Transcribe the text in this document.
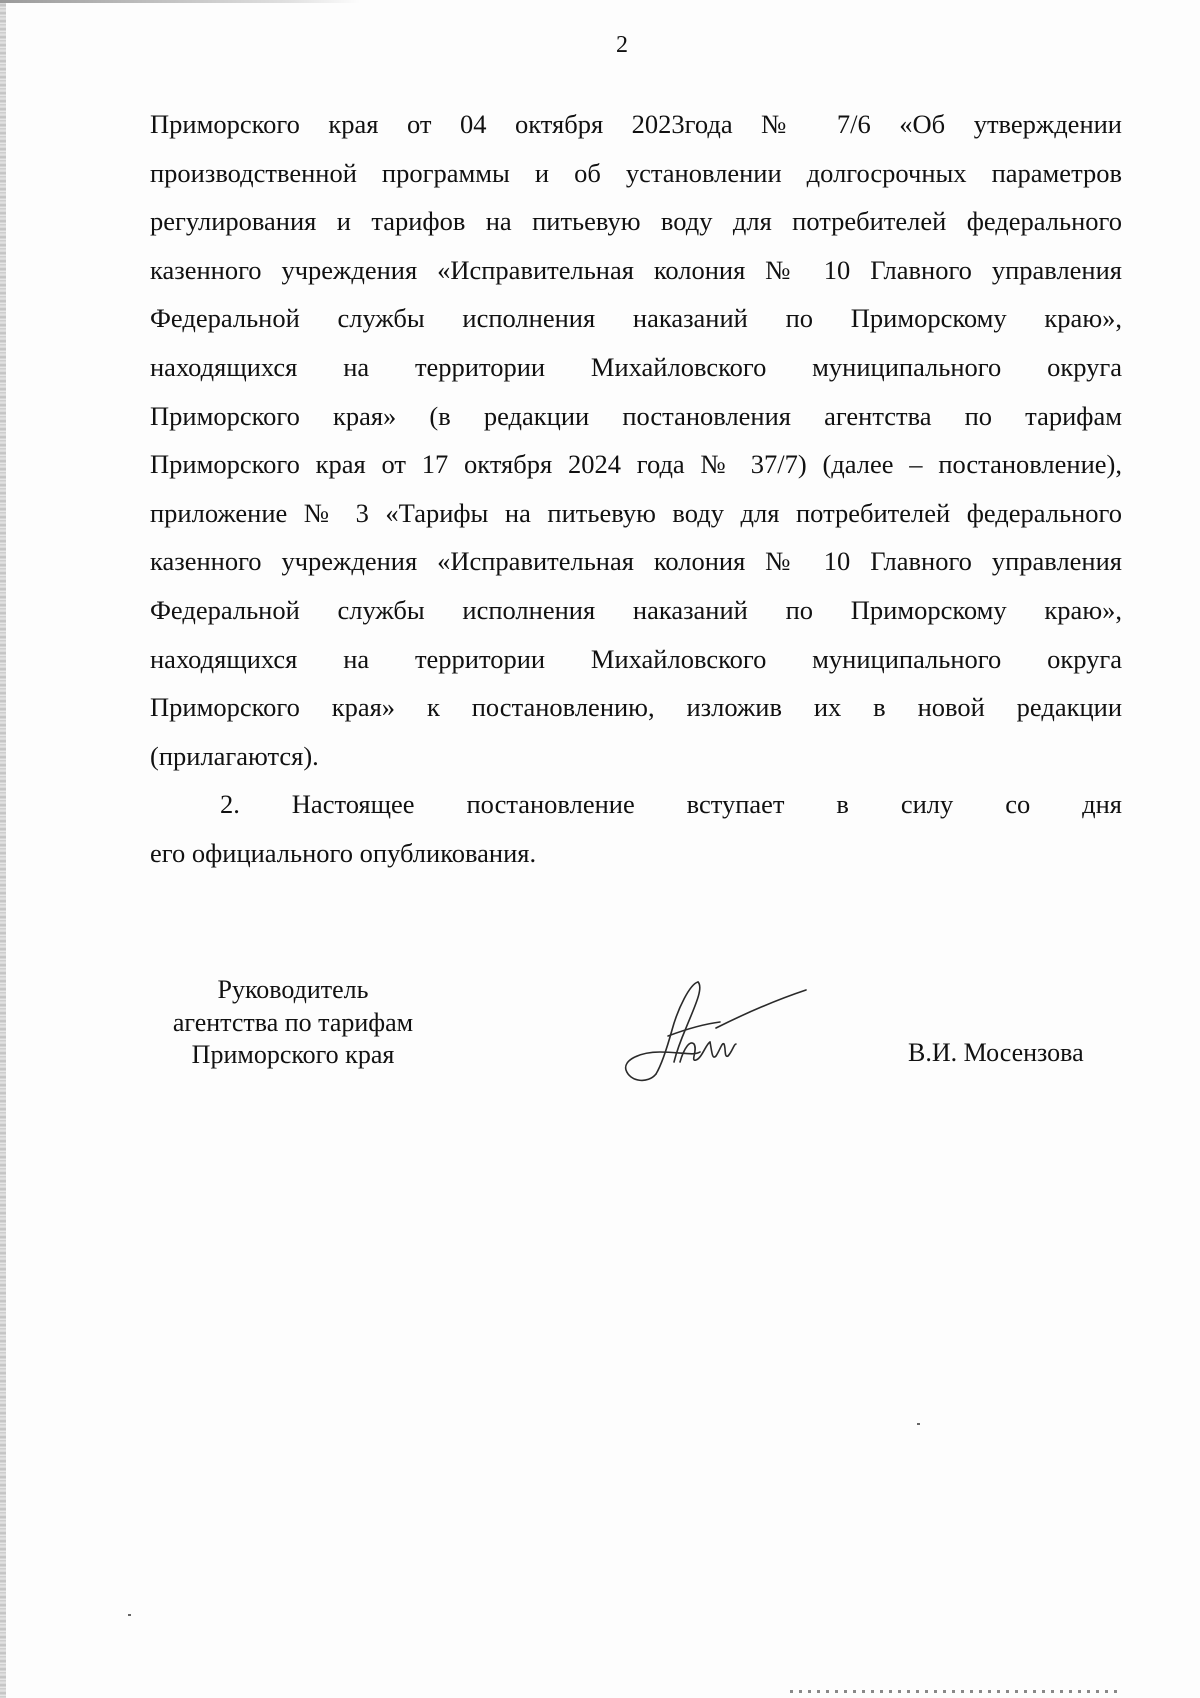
2
Приморского края от 04 октября 2023года № 7/6 «Об утверждении
производственной программы и об установлении долгосрочных параметров
регулирования и тарифов на питьевую воду для потребителей федерального
казенного учреждения «Исправительная колония № 10 Главного управления
Федеральной службы исполнения наказаний по Приморскому краю»,
находящихся на территории Михайловского муниципального округа
Приморского края» (в редакции постановления агентства по тарифам
Приморского края от 17 октября 2024 года № 37/7) (далее – постановление),
приложение № 3 «Тарифы на питьевую воду для потребителей федерального
казенного учреждения «Исправительная колония № 10 Главного управления
Федеральной службы исполнения наказаний по Приморскому краю»,
находящихся на территории Михайловского муниципального округа
Приморского края» к постановлению, изложив их в новой редакции
(прилагаются).
2. Настоящее постановление вступает в силу со дня
его официального опубликования.
Руководитель
агентства по тарифам
Приморского края	В.И. Мосензова
